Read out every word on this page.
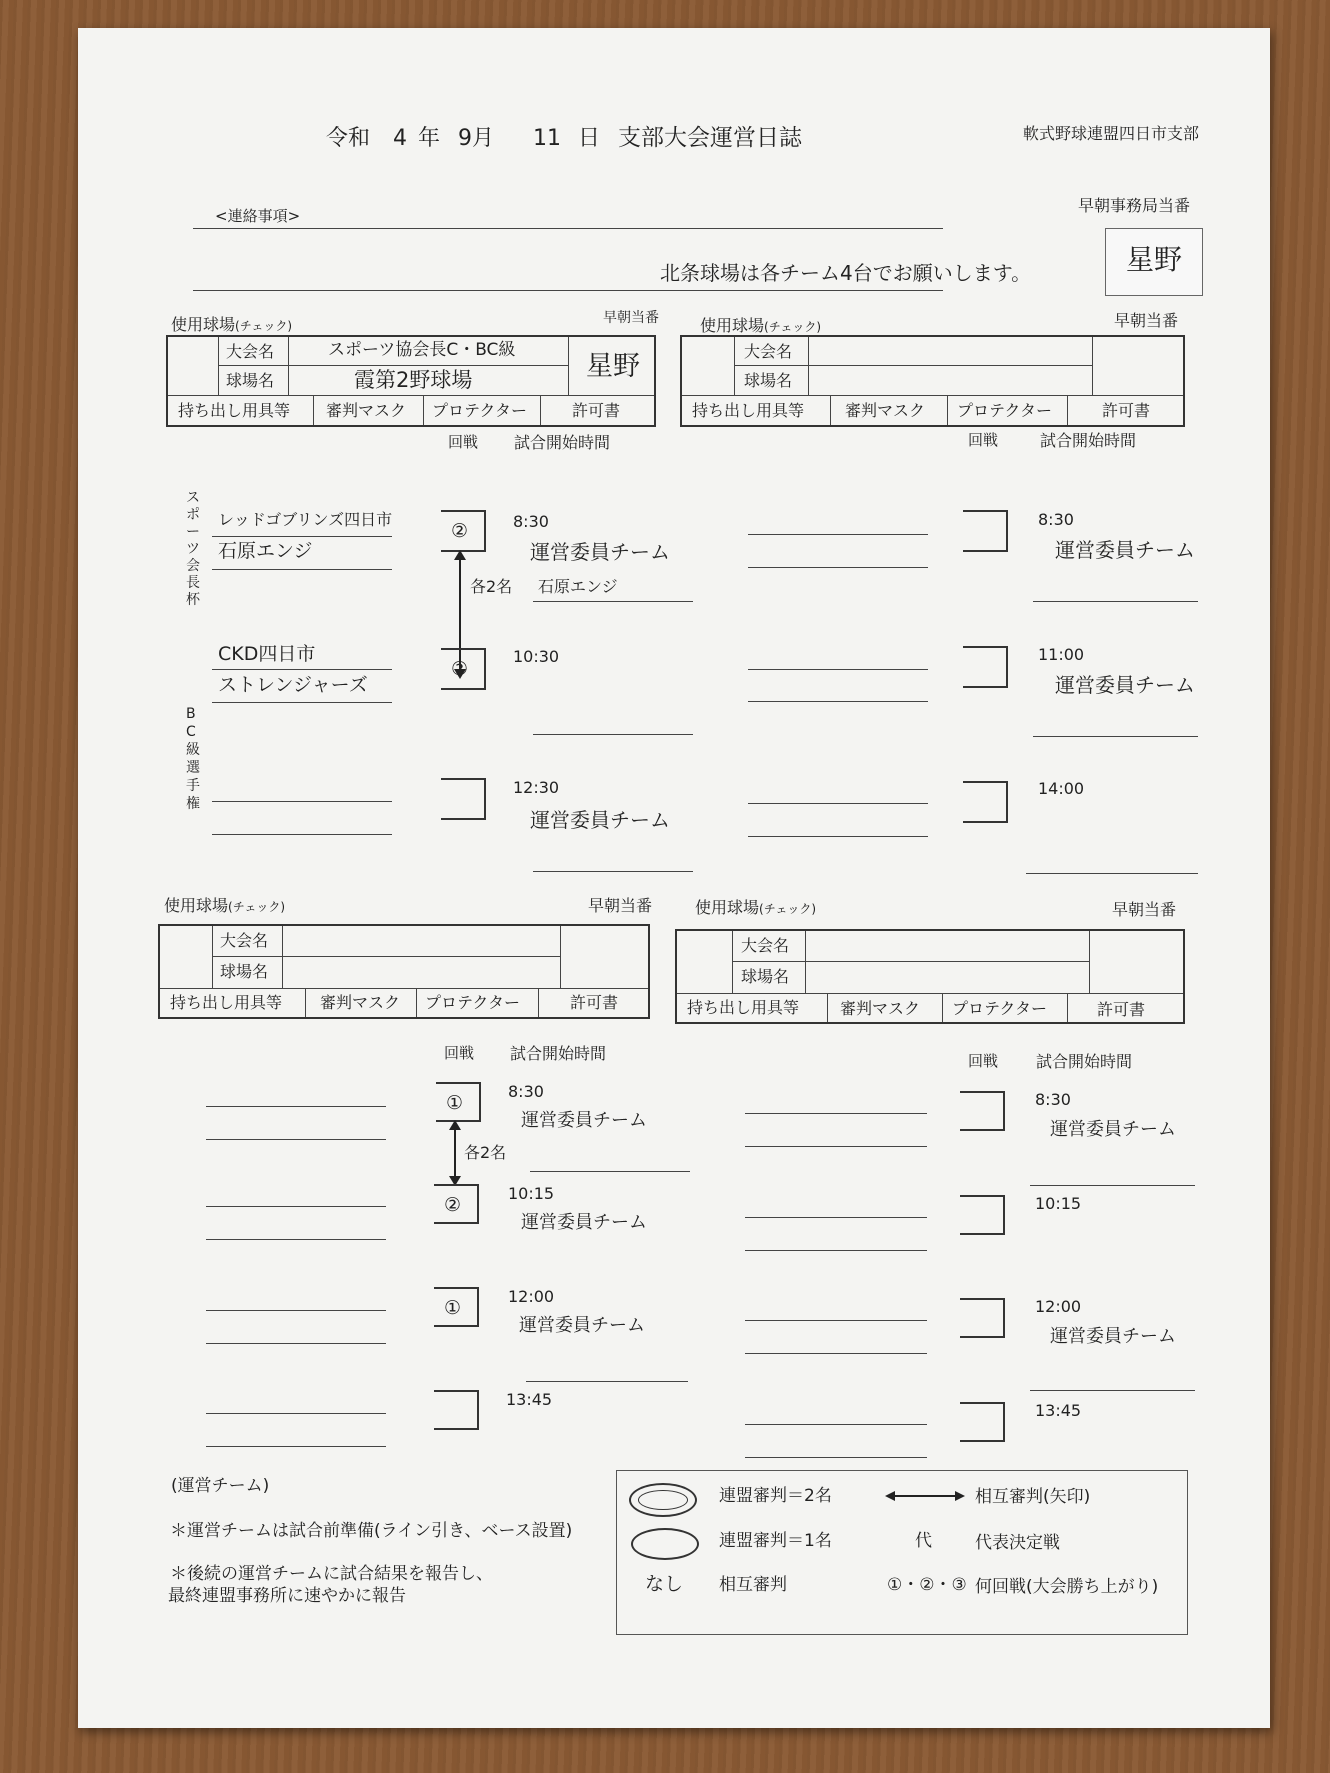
令和 4 年 9月 11 日 支部大会運営日誌	軟式野球連盟四日市支部
<連絡事項>
北条球場は各チーム4台でお願いします。
早朝事務局当番
星野
使用球場(チェック)	早朝当番
大会名	スポーツ協会長C・BC級
球場名	霞第2野球場	星野
持ち出し用具等 審判マスク プロテクター	許可書
回戦 試合開始時間
スポーツ会長杯
BC級選手権
レッドゴブリンズ四日市
石原エンジ
②	8:30
運営委員チーム
各2名 石原エンジ
CKD四日市
ストレンジャーズ
②
10:30
12:30
運営委員チーム
使用球場(チェック)	早朝当番
大会名
球場名
持ち出し用具等	審判マスク プロテクター	許可書
回戦	試合開始時間
8:30
運営委員チーム
11:00
運営委員チーム
14:00
使用球場(チェック)	早朝当番
大会名
球場名
持ち出し用具等 審判マスク プロテクター	許可書
回戦 試合開始時間
①
8:30
運営委員チーム
各2名
②
10:15
運営委員チーム
①
12:00
運営委員チーム
13:45
使用球場(チェック)	早朝当番
大会名
球場名
持ち出し用具等	審判マスク プロテクター	許可書
回戦 試合開始時間
8:30
運営委員チーム
10:15
12:00
運営委員チーム
13:45
(運営チーム)
＊運営チームは試合前準備(ライン引き、ベース設置)
＊後続の運営チームに試合結果を報告し、
最終連盟事務所に速やかに報告
連盟審判＝2名	相互審判(矢印)
連盟審判＝1名	代	代表決定戦
なし 相互審判	①・②・③ 何回戦(大会勝ち上がり)
